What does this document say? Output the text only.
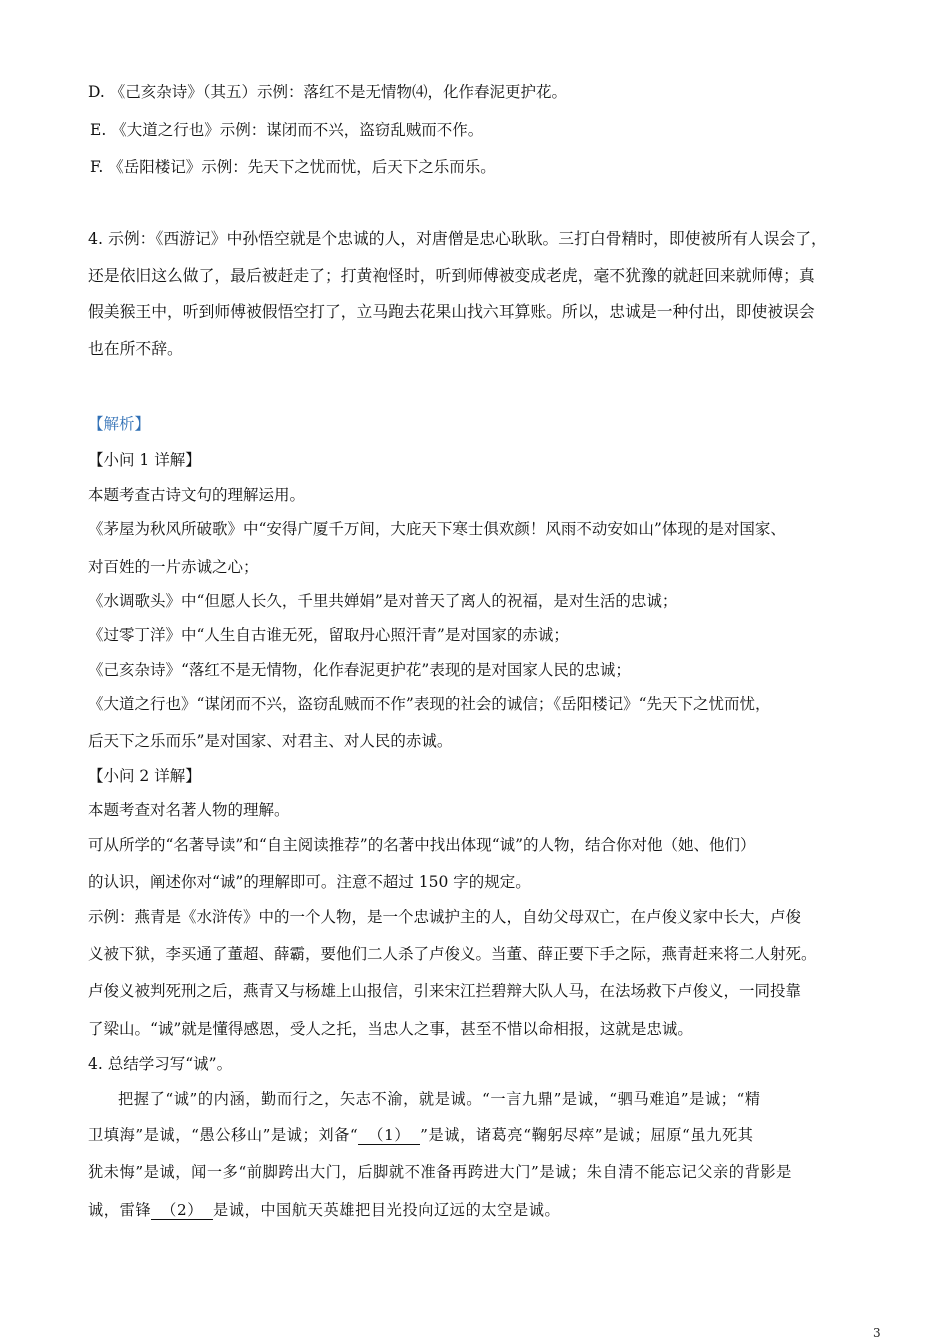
D. 《己亥杂诗》（其五）示例：落红不是无情物⑷，化作春泥更护花。
E. 《大道之行也》示例：谋闭而不兴，盗窃乱贼而不作。
F. 《岳阳楼记》示例：先天下之忧而忧，后天下之乐而乐。
4. 示例：《西游记》中孙悟空就是个忠诚的人，对唐僧是忠心耿耿。三打白骨精时，即使被所有人误会了，
还是依旧这么做了，最后被赶走了；打黄袍怪时，听到师傅被变成老虎，毫不犹豫的就赶回来就师傅；真
假美猴王中，听到师傅被假悟空打了，立马跑去花果山找六耳算账。所以，忠诚是一种付出，即使被误会
也在所不辞。
【解析】
【小问 1 详解】
本题考查古诗文句的理解运用。
《茅屋为秋风所破歌》中“安得广厦千万间，大庇天下寒士俱欢颜！风雨不动安如山”体现的是对国家、
对百姓的一片赤诚之心；
《水调歌头》中“但愿人长久，千里共婵娟”是对普天了离人的祝福，是对生活的忠诚；
《过零丁洋》中“人生自古谁无死，留取丹心照汗青”是对国家的赤诚；
《己亥杂诗》“落红不是无情物，化作春泥更护花”表现的是对国家人民的忠诚；
《大道之行也》“谋闭而不兴，盗窃乱贼而不作”表现的社会的诚信；《岳阳楼记》“先天下之忧而忧，
后天下之乐而乐”是对国家、对君主、对人民的赤诚。
【小问 2 详解】
本题考查对名著人物的理解。
可从所学的“名著导读”和“自主阅读推荐”的名著中找出体现“诚”的人物，结合你对他（她、他们）
的认识，阐述你对“诚”的理解即可。注意不超过 150 字的规定。
示例：燕青是《水浒传》中的一个人物，是一个忠诚护主的人，自幼父母双亡，在卢俊义家中长大，卢俊
义被下狱，李买通了董超、薛霸，要他们二人杀了卢俊义。当董、薛正要下手之际，燕青赶来将二人射死。
卢俊义被判死刑之后，燕青又与杨雄上山报信，引来宋江拦碧辩大队人马，在法场救下卢俊义，一同投靠
了梁山。“诚”就是懂得感恩，受人之托，当忠人之事，甚至不惜以命相报，这就是忠诚。
4. 总结学习写“诚”。
把握了“诚”的内涵，勤而行之，矢志不渝，就是诚。“一言九鼎”是诚，“驷马难追”是诚；“精
卫填海”是诚，“愚公移山”是诚；刘备“ （1） ”是诚，诸葛亮“鞠躬尽瘁”是诚；屈原“虽九死其
犹未悔”是诚，闻一多“前脚跨出大门，后脚就不准备再跨进大门”是诚；朱自清不能忘记父亲的背影是
诚，雷锋 （2） 是诚，中国航天英雄把目光投向辽远的太空是诚。
3
